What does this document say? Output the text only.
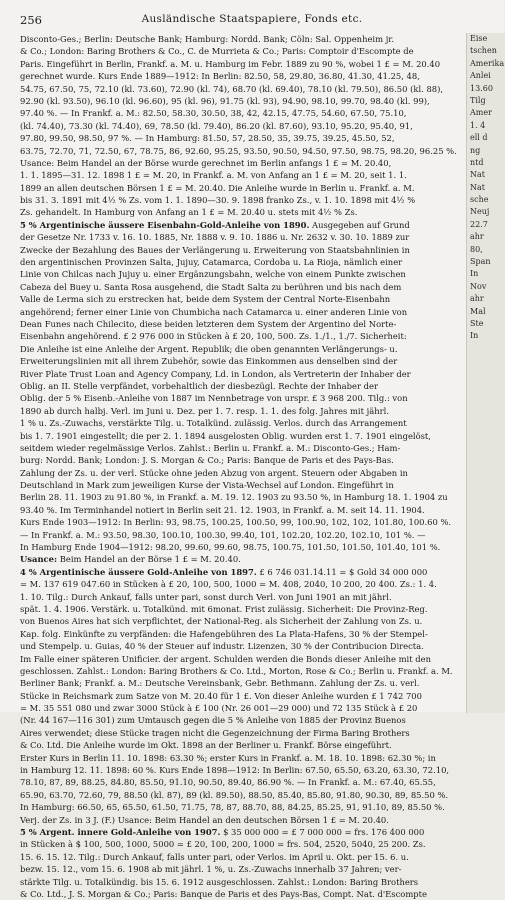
256	Ausländische Staatspapiere, Fonds etc.
Disconto-Ges.; Berlin: Deutsche Bank; Hamburg: Nordd. Bank; Cöln: Sal. Oppenheim jr.
& Co.; London: Baring Brothers & Co., C. de Murrieta & Co.; Paris: Comptoir d'Escompte de
Paris. Eingeführt in Berlin, Frankf. a. M. u. Hamburg im Febr. 1889 zu 90 %, wobei 1 £ = M. 20.40
gerechnet wurde. Kurs Ende 1889—1912: In Berlin: 82.50, 58, 29.80, 36.80, 41.30, 41.25, 48,
54.75, 67.50, 75, 72.10 (kl. 73.60), 72.90 (kl. 74), 68.70 (kl. 69.40), 78.10 (kl. 79.50), 86.50 (kl. 88),
92.90 (kl. 93.50), 96.10 (kl. 96.60), 95 (kl. 96), 91.75 (kl. 93), 94.90, 98.10, 99.70, 98.40 (kl. 99),
97.40 %. — In Frankf. a. M.: 82.50, 58.30, 30.50, 38, 42, 42.15, 47.75, 54.60, 67.50, 75.10,
(kl. 74.40), 73.30 (kl. 74.40), 69, 78.50 (kl. 79.40), 86.20 (kl. 87.60), 93.10, 95.20, 95.40, 91,
97.80, 99.50, 98.50, 97 %. — In Hamburg: 81.50, 57, 28.50, 35, 39.75, 39.25, 45.50, 52,
63.75, 72.70, 71, 72.50, 67, 78.75, 86, 92.60, 95.25, 93.50, 90.50, 94.50, 97.50, 98.75, 98.20, 96.25 %.
Usance: Beim Handel an der Börse wurde gerechnet im Berlin anfangs 1 £ = M. 20.40,
1. 1. 1895—31. 12. 1898 1 £ = M. 20, in Frankf. a. M. von Anfang an 1 £ = M. 20, seit 1. 1.
1899 an allen deutschen Börsen 1 £ = M. 20.40. Die Anleihe wurde in Berlin u. Frankf. a. M.
bis 31. 3. 1891 mit 4½ % Zs. vom 1. 1. 1890—30. 9. 1898 franko Zs., v. 1. 10. 1898 mit 4½ %
Zs. gehandelt. In Hamburg von Anfang an 1 £ = M. 20.40 u. stets mit 4½ % Zs.
5 % Argentinische äussere Eisenbahn-Gold-Anleihe von 1890. Ausgegeben auf Grund
der Gesetze Nr. 1733 v. 16. 10. 1885, Nr. 1888 v. 9. 10. 1886 u. Nr. 2632 v. 30. 10. 1889 zur
Zwecke der Bezahlung des Baues der Verlängerung u. Erweiterung von Staatsbahnlinien in
den argentinischen Provinzen Salta, Jujuy, Catamarca, Cordoba u. La Rioja, nämlich einer
Linie von Chilcas nach Jujuy u. einer Ergänzungsbahn, welche von einem Punkte zwischen
Cabeza del Buey u. Santa Rosa ausgehend, die Stadt Salta zu berühren und bis nach dem
Valle de Lerma sich zu erstrecken hat, beide dem System der Central Norte-Eisenbahn
angehörend; ferner einer Linie von Chumbicha nach Catamarca u. einer anderen Linie von
Dean Funes nach Chilecito, diese beiden letzteren dem System der Argentino del Norte-
Eisenbahn angehörend. £ 2 976 000 in Stücken à £ 20, 100, 500. Zs. 1./1., 1./7. Sicherheit:
Die Anleihe ist eine Anleihe der Argent. Republik; die oben genannten Verlängerungs- u.
Erweiterungslinien mit all ihrem Zubehör, sowie das Einkommen aus denselben sind der
River Plate Trust Loan and Agency Company, Ld. in London, als Vertreterin der Inhaber der
Oblig. an II. Stelle verpfändet, vorbehaltlich der diesbezügl. Rechte der Inhaber der
Oblig. der 5 % Eisenb.-Anleihe von 1887 im Nennbetrage von urspr. £ 3 968 200. Tilg.: von
1890 ab durch halbj. Verl. im Juni u. Dez. per 1. 7. resp. 1. 1. des folg. Jahres mit jährl.
1 % u. Zs.-Zuwachs, verstärkte Tilg. u. Totalkünd. zulässig. Verlos. durch das Arrangement
bis 1. 7. 1901 eingestellt; die per 2. 1. 1894 ausgelosten Oblig. wurden erst 1. 7. 1901 eingelöst,
seitdem wieder regelmässige Verlos. Zahlst.: Berlin u. Frankf. a. M.: Disconto-Ges.; Ham-
burg: Nordd. Bank; London: J. S. Morgan & Co.; Paris: Banque de Paris et des Pays-Bas.
Zahlung der Zs. u. der verl. Stücke ohne jeden Abzug von argent. Steuern oder Abgaben in
Deutschland in Mark zum jeweiligen Kurse der Vista-Wechsel auf London. Eingeführt in
Berlin 28. 11. 1903 zu 91.80 %, in Frankf. a. M. 19. 12. 1903 zu 93.50 %, in Hamburg 18. 1. 1904 zu
93.40 %. Im Terminhandel notiert in Berlin seit 21. 12. 1903, in Frankf. a. M. seit 14. 11. 1904.
Kurs Ende 1903—1912: In Berlin: 93, 98.75, 100.25, 100.50, 99, 100.90, 102, 102, 101.80, 100.60 %.
— In Frankf. a. M.: 93.50, 98.30, 100.10, 100.30, 99.40, 101, 102.20, 102.20, 102.10, 101 %. —
In Hamburg Ende 1904—1912: 98.20, 99.60, 99.60, 98.75, 100.75, 101.50, 101.50, 101.40, 101 %.
Usance: Beim Handel an der Börse 1 £ = M. 20.40.
4 % Argentinische äussere Gold-Anleihe von 1897. £ 6 746 031.14.11 = $ Gold 34 000 000
= M. 137 619 047.60 in Stücken à £ 20, 100, 500, 1000 = M. 408, 2040, 10 200, 20 400. Zs.: 1. 4.
1. 10. Tilg.: Durch Ankauf, falls unter pari, sonst durch Verl. von Juni 1901 an mit jährl.
spät. 1. 4. 1906. Verstärk. u. Totalkünd. mit 6monat. Frist zulässig. Sicherheit: Die Provinz-Reg.
von Buenos Aires hat sich verpflichtet, der National-Reg. als Sicherheit der Zahlung von Zs. u.
Kap. folg. Einkünfte zu verpfänden: die Hafengebühren des La Plata-Hafens, 30 % der Stempel-
und Stempelp. u. Guias, 40 % der Steuer auf industr. Lizenzen, 30 % der Contribucion Directa.
Im Falle einer späteren Unificier. der argent. Schulden werden die Bonds dieser Anleihe mit den
geschlossen. Zahlst.: London: Baring Brothers & Co. Ltd., Morton, Rose & Co.; Berlin u. Frankf. a. M.
Berliner Bank; Frankf. a. M.: Deutsche Vereinsbank, Gebr. Bethmann. Zahlung der Zs. u. verl.
Stücke in Reichsmark zum Satze von M. 20.40 für 1 £. Von dieser Anleihe wurden £ 1 742 700
= M. 35 551 080 und zwar 3000 Stück à £ 100 (Nr. 26 001—29 000) und 72 135 Stück à £ 20
(Nr. 44 167—116 301) zum Umtausch gegen die 5 % Anleihe von 1885 der Provinz Buenos
Aires verwendet; diese Stücke tragen nicht die Gegenzeichnung der Firma Baring Brothers
& Co. Ltd. Die Anleihe wurde im Okt. 1898 an der Berliner u. Frankf. Börse eingeführt.
Erster Kurs in Berlin 11. 10. 1898: 63.30 %; erster Kurs in Frankf. a. M. 18. 10. 1898: 62.30 %; in
in Hamburg 12. 11. 1898: 60 %. Kurs Ende 1898—1912: In Berlin: 67.50, 65.50, 63.20, 63.30, 72.10,
78.10, 87, 89, 88.25, 84.80, 85.50, 91.10, 90.50, 89.40, 86.90 %. — In Frankf. a. M.: 67.40, 65.55,
65.90, 63.70, 72.60, 79, 88.50 (kl. 87), 89 (kl. 89.50), 88.50, 85.40, 85.80, 91.80, 90.30, 89, 85.50 %.
In Hamburg: 66.50, 65, 65.50, 61.50, 71.75, 78, 87, 88.70, 88, 84.25, 85.25, 91, 91.10, 89, 85.50 %.
Verj. der Zs. in 3 J. (F.) Usance: Beim Handel an den deutschen Börsen 1 £ = M. 20.40.
5 % Argent. innere Gold-Anleihe von 1907. $ 35 000 000 = £ 7 000 000 = frs. 176 400 000
in Stücken à $ 100, 500, 1000, 5000 = £ 20, 100, 200, 1000 = frs. 504, 2520, 5040, 25 200. Zs.
15. 6. 15. 12. Tilg.: Durch Ankauf, falls unter pari, oder Verlos. im April u. Okt. per 15. 6. u.
bezw. 15. 12., vom 15. 6. 1908 ab mit jährl. 1 %, u. Zs.-Zuwachs innerhalb 37 Jahren; ver-
stärkte Tilg. u. Totalkündig. bis 15. 6. 1912 ausgeschlossen. Zahlst.: London: Baring Brothers
& Co. Ltd., J. S. Morgan & Co.; Paris: Banque de Paris et des Pays-Bas, Compt. Nat. d'Escompte
Eise
tschen
Amerika
Anlei
13.60
Tilg
Amer
1. 4
ell d
ng
ntd
Nat
Nat
sche
Neuj
22.7
ahr
80,
Span
In
Nov
ahr
Mal
Ste
In
